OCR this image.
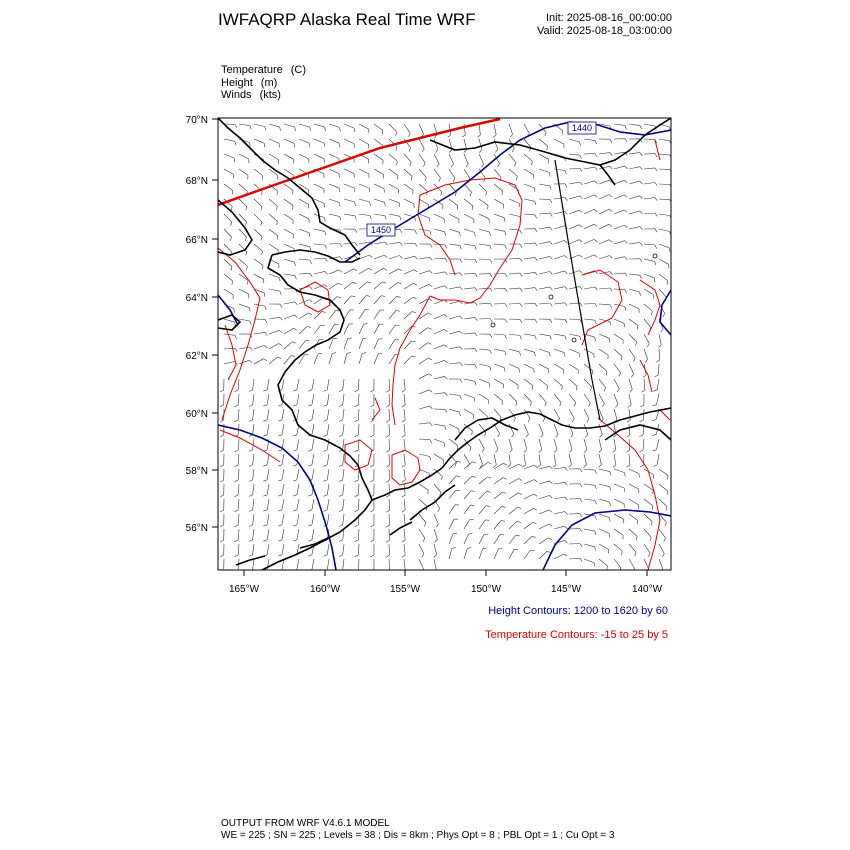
IWFAQRP Alaska Real Time WRF	Init: 2025-08-16_00:00:00
Valid: 2025-08-18_03:00:00
Temperature (C)
Height (m)
Winds (kts)
70°N
68°N
66°N
64°N
62°N
60°N
58°N
56°N
165°W	160°W	155°W	150°W	145°W	140°W
1440
1450
Height Contours: 1200 to 1620 by 60
Temperature Contours: -15 to 25 by 5
OUTPUT FROM WRF V4.6.1 MODEL
WE = 225 ; SN = 225 ; Levels = 38 ; Dis = 8km ; Phys Opt = 8 ; PBL Opt = 1 ; Cu Opt = 3
